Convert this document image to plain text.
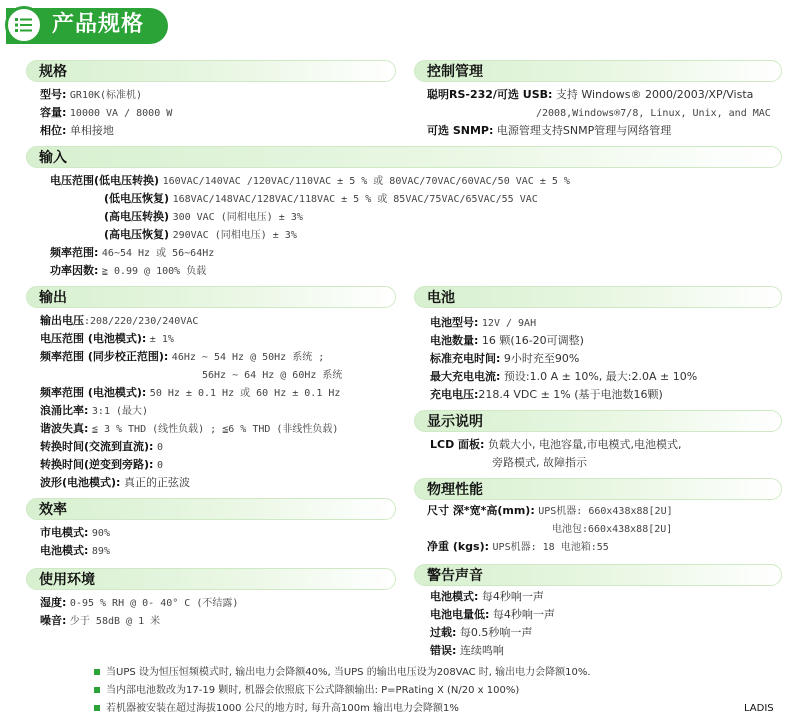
产品规格
规格
型号: GR10K(标准机)
容量: 10000 VA / 8000 W
相位: 单相接地
控制管理
聪明RS-232/可选 USB: 支持 Windows® 2000/2003/XP/Vista
/2008,Windows®7/8, Linux, Unix, and MAC
可选 SNMP: 电源管理支持SNMP管理与网络管理
输入
电压范围(低电压转换) 160VAC/140VAC /120VAC/110VAC ± 5 % 或 80VAC/70VAC/60VAC/50 VAC ± 5 %
(低电压恢复) 168VAC/148VAC/128VAC/118VAC ± 5 % 或 85VAC/75VAC/65VAC/55 VAC
(高电压转换) 300 VAC (同相电压) ± 3%
(高电压恢复) 290VAC (同相电压) ± 3%
频率范围: 46~54 Hz 或 56~64Hz
功率因数: ≧ 0.99 @ 100% 负载
输出
输出电压:208/220/230/240VAC
电压范围 (电池模式): ± 1%
频率范围 (同步校正范围): 46Hz ~ 54 Hz @ 50Hz 系统 ;
56Hz ~ 64 Hz @ 60Hz 系统
频率范围 (电池模式): 50 Hz ± 0.1 Hz 或 60 Hz ± 0.1 Hz
浪涌比率: 3:1 (最大)
谐波失真: ≦ 3 % THD (线性负载) ; ≦6 % THD (非线性负载)
转换时间(交流到直流): 0
转换时间(逆变到旁路): 0
波形(电池模式): 真正的正弦波
电池
电池型号: 12V / 9AH
电池数量: 16 颗(16-20可调整)
标准充电时间: 9小时充至90%
最大充电电流: 预设:1.0 A ± 10%, 最大:2.0A ± 10%
充电电压:218.4 VDC ± 1% (基于电池数16颗)
显示说明
LCD 面板: 负载大小, 电池容量,市电模式,电池模式,
旁路模式, 故障指示
效率
市电模式: 90%
电池模式: 89%
物理性能
尺寸 深*宽*高(mm): UPS机器: 660x438x88[2U]
电池包:660x438x88[2U]
净重 (kgs): UPS机器: 18 电池箱:55
使用环境
湿度: 0-95 % RH @ 0- 40° C (不结露)
噪音: 少于 58dB @ 1 米
警告声音
电池模式: 每4秒响一声
电池电量低: 每4秒响一声
过载: 每0.5秒响一声
错误: 连续鸣响
当UPS 设为恒压恒频模式时, 输出电力会降额40%, 当UPS 的输出电压设为208VAC 时, 输出电力会降额10%.
当内部电池数改为17-19 颗时, 机器会依照底下公式降额输出: P=PRating X (N/20 x 100%)
若机器被安装在超过海拔1000 公尺的地方时, 每升高100m 输出电力会降额1%	LADIS
